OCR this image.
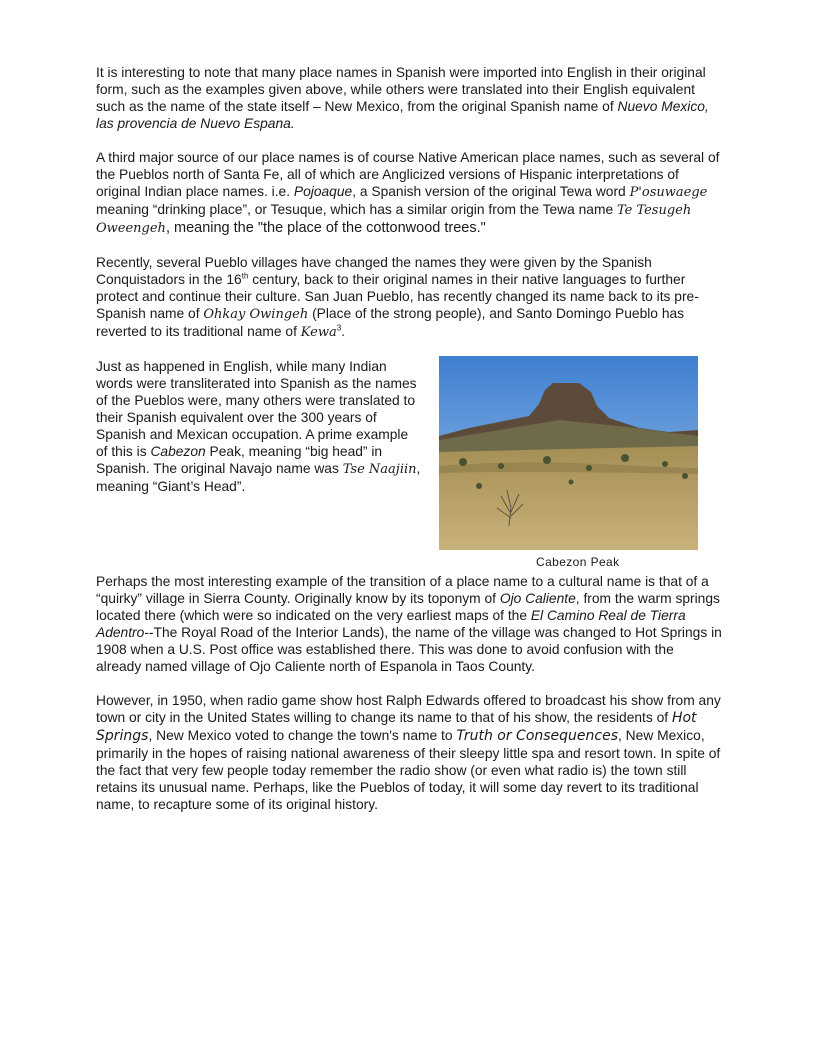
It is interesting to note that many place names in Spanish were imported into English in their original form, such as the examples given above, while others were translated into their English equivalent such as the name of the state itself – New Mexico, from the original Spanish name of Nuevo Mexico, las provencia de Nuevo Espana.

A third major source of our place names is of course Native American place names, such as several of the Pueblos north of Santa Fe, all of which are Anglicized versions of Hispanic interpretations of original Indian place names. i.e. Pojoaque, a Spanish version of the original Tewa word P'osuwaege meaning “drinking place”, or Tesuque, which has a similar origin from the Tewa name Te Tesugeh Oweengeh, meaning the "the place of the cottonwood trees."

Recently, several Pueblo villages have changed the names they were given by the Spanish Conquistadors in the 16th century, back to their original names in their native languages to further protect and continue their culture. San Juan Pueblo, has recently changed its name back to its pre-Spanish name of Ohkay Owingeh (Place of the strong people), and Santo Domingo Pueblo has reverted to its traditional name of Kewa$^3$.

Just as happened in English, while many Indian words were transliterated into Spanish as the names of the Pueblos were, many others were translated to their Spanish equivalent over the 300 years of Spanish and Mexican occupation. A prime example of this is Cabezon Peak, meaning “big head” in Spanish. The original Navajo name was Tse Naajiin, meaning “Giant’s Head”.

Cabezon Peak

Perhaps the most interesting example of the transition of a place name to a cultural name is that of a “quirky” village in Sierra County. Originally know by its toponym of Ojo Caliente, from the warm springs located there (which were so indicated on the very earliest maps of the El Camino Real de Tierra Adentro--The Royal Road of the Interior Lands), the name of the village was changed to Hot Springs in 1908 when a U.S. Post office was established there. This was done to avoid confusion with the already named village of Ojo Caliente north of Espanola in Taos County.

However, in 1950, when radio game show host Ralph Edwards offered to broadcast his show from any town or city in the United States willing to change its name to that of his show, the residents of Hot Springs, New Mexico voted to change the town's name to Truth or Consequences, New Mexico, primarily in the hopes of raising national awareness of their sleepy little spa and resort town. In spite of the fact that very few people today remember the radio show (or even what radio is) the town still retains its unusual name. Perhaps, like the Pueblos of today, it will some day revert to its traditional name, to recapture some of its original history.
